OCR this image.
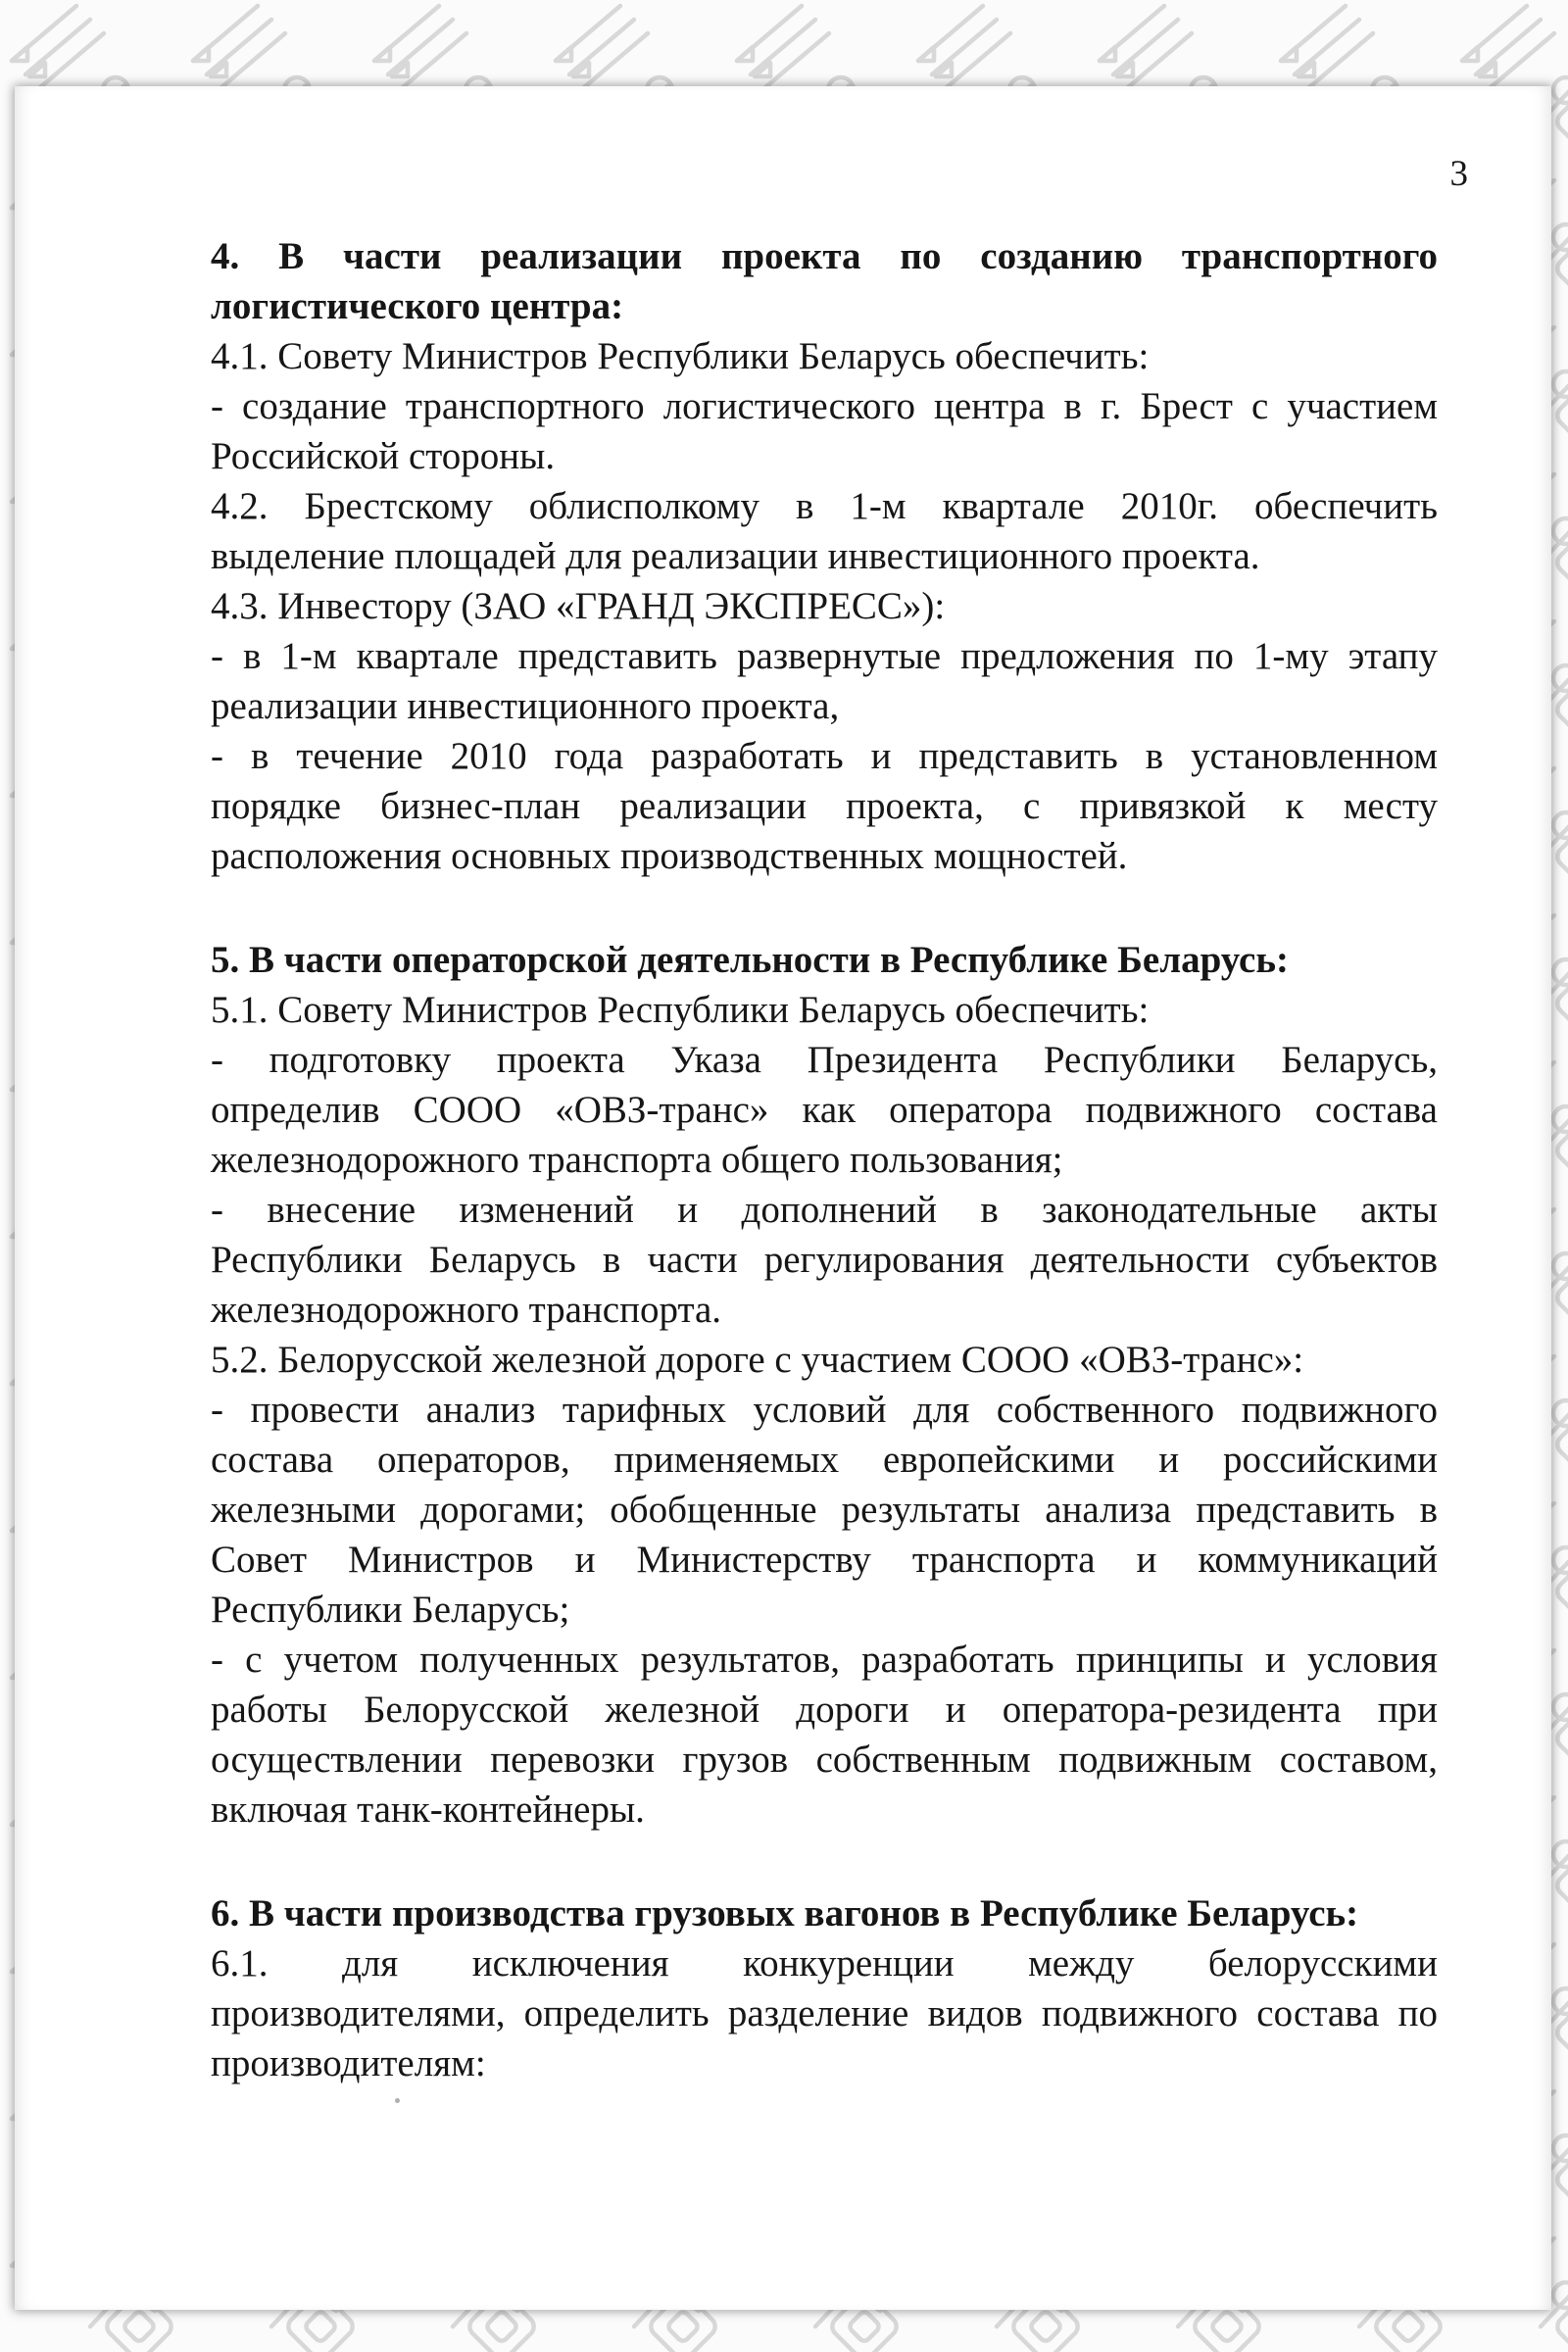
3
4. В части реализации проекта по созданию транспортного
логистического центра:
4.1. Совету Министров Республики Беларусь обеспечить:
- создание транспортного логистического центра в г. Брест с участием
Российской стороны.
4.2. Брестскому облисполкому в 1-м квартале 2010г. обеспечить
выделение площадей для реализации инвестиционного проекта.
4.3. Инвестору (ЗАО «ГРАНД ЭКСПРЕСС»):
- в 1-м квартале представить развернутые предложения по 1-му этапу
реализации инвестиционного проекта,
- в течение 2010 года разработать и представить в установленном
порядке бизнес-план реализации проекта, с привязкой к месту
расположения основных производственных мощностей.
5. В части операторской деятельности в Республике Беларусь:
5.1. Совету Министров Республики Беларусь обеспечить:
- подготовку проекта Указа Президента Республики Беларусь,
определив СООО «ОВЗ-транс» как оператора подвижного состава
железнодорожного транспорта общего пользования;
- внесение изменений и дополнений в законодательные акты
Республики Беларусь в части регулирования деятельности субъектов
железнодорожного транспорта.
5.2. Белорусской железной дороге с участием СООО «ОВЗ-транс»:
- провести анализ тарифных условий для собственного подвижного
состава операторов, применяемых европейскими и российскими
железными дорогами; обобщенные результаты анализа представить в
Совет Министров и Министерству транспорта и коммуникаций
Республики Беларусь;
- с учетом полученных результатов, разработать принципы и условия
работы Белорусской железной дороги и оператора-резидента при
осуществлении перевозки грузов собственным подвижным составом,
включая танк-контейнеры.
6. В части производства грузовых вагонов в Республике Беларусь:
6.1. для исключения конкуренции между белорусскими
производителями, определить разделение видов подвижного состава по
производителям:
